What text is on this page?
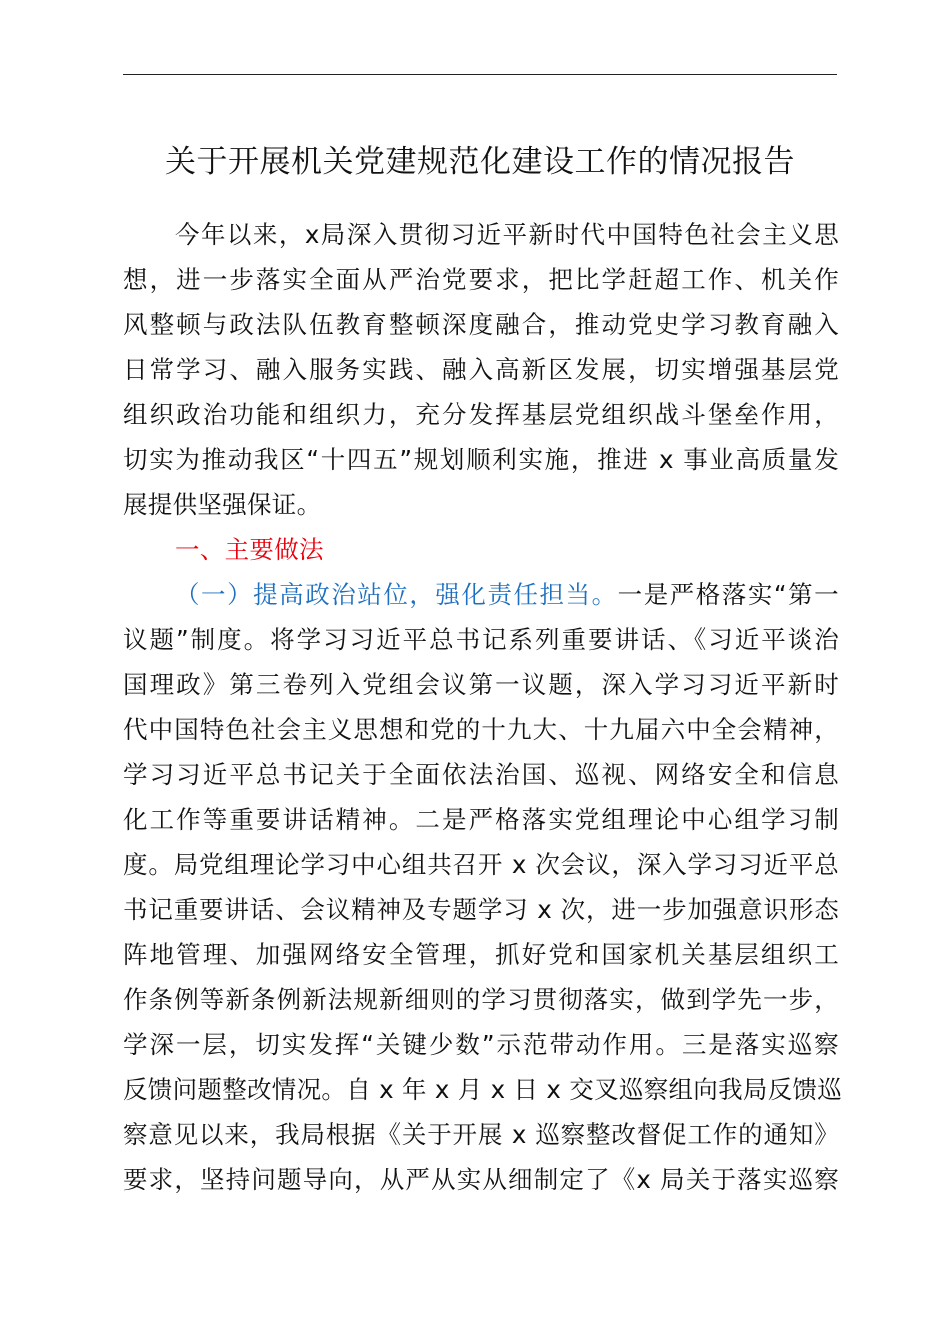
关于开展机关党建规范化建设工作的情况报告
今年以来，x局深入贯彻习近平新时代中国特色社会主义思
想，进一步落实全面从严治党要求，把比学赶超工作、机关作
风整顿与政法队伍教育整顿深度融合，推动党史学习教育融入
日常学习、融入服务实践、融入高新区发展，切实增强基层党
组织政治功能和组织力，充分发挥基层党组织战斗堡垒作用，
切实为推动我区“十四五”规划顺利实施，推进 x 事业高质量发
展提供坚强保证。
一、主要做法
（一）提高政治站位，强化责任担当。一是严格落实“第一
议题”制度。将学习习近平总书记系列重要讲话、《习近平谈治
国理政》第三卷列入党组会议第一议题，深入学习习近平新时
代中国特色社会主义思想和党的十九大、十九届六中全会精神，
学习习近平总书记关于全面依法治国、巡视、网络安全和信息
化工作等重要讲话精神。二是严格落实党组理论中心组学习制
度。局党组理论学习中心组共召开 x 次会议，深入学习习近平总
书记重要讲话、会议精神及专题学习 x 次，进一步加强意识形态
阵地管理、加强网络安全管理，抓好党和国家机关基层组织工
作条例等新条例新法规新细则的学习贯彻落实，做到学先一步，
学深一层，切实发挥“关键少数”示范带动作用。三是落实巡察
反馈问题整改情况。自 x 年 x 月 x 日 x 交叉巡察组向我局反馈巡
察意见以来，我局根据《关于开展 x 巡察整改督促工作的通知》
要求，坚持问题导向，从严从实从细制定了《x 局关于落实巡察
